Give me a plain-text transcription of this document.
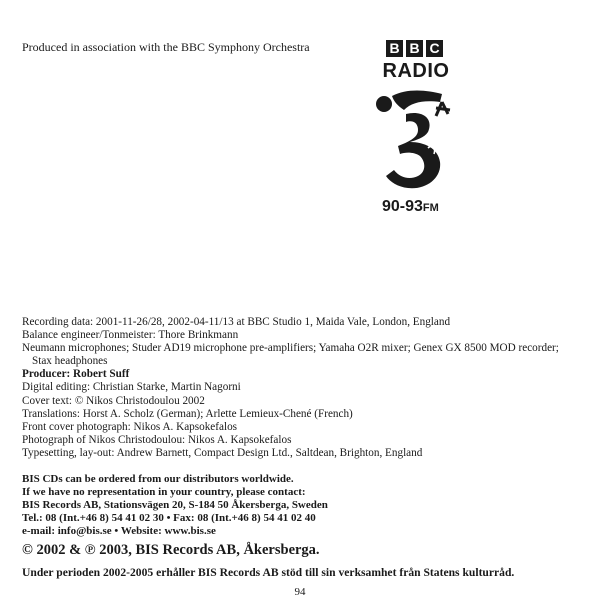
Produced in association with the BBC Symphony Orchestra	B B C
RADIO
90-93FM
Recording data: 2001-11-26/28, 2002-04-11/13 at BBC Studio 1, Maida Vale, London, England
Balance engineer/Tonmeister: Thore Brinkmann
Neumann microphones; Studer AD19 microphone pre-amplifiers; Yamaha O2R mixer; Genex GX 8500 MOD recorder;
Stax headphones
Producer: Robert Suff
Digital editing: Christian Starke, Martin Nagorni
Cover text: © Nikos Christodoulou 2002
Translations: Horst A. Scholz (German); Arlette Lemieux-Chené (French)
Front cover photograph: Nikos A. Kapsokefalos
Photograph of Nikos Christodoulou: Nikos A. Kapsokefalos
Typesetting, lay-out: Andrew Barnett, Compact Design Ltd., Saltdean, Brighton, England
BIS CDs can be ordered from our distributors worldwide.
If we have no representation in your country, please contact:
BIS Records AB, Stationsvägen 20, S-184 50 Åkersberga, Sweden
Tel.: 08 (Int.+46 8) 54 41 02 30 • Fax: 08 (Int.+46 8) 54 41 02 40
e-mail: info@bis.se • Website: www.bis.se
© 2002 & ℗ 2003, BIS Records AB, Åkersberga.
Under perioden 2002-2005 erhåller BIS Records AB stöd till sin verksamhet från Statens kulturråd.
94
